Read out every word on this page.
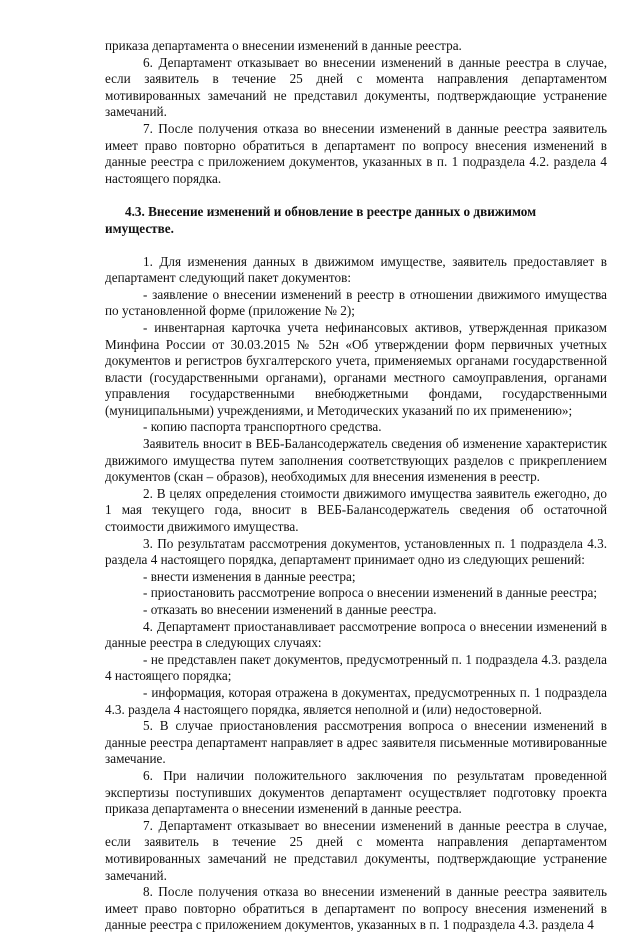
приказа департамента о внесении изменений в данные реестра.

6. Департамент отказывает во внесении изменений в данные реестра в случае, если заявитель в течение 25 дней с момента направления департаментом мотивированных замечаний не представил документы, подтверждающие устранение замечаний.

7. После получения отказа во внесении изменений в данные реестра заявитель имеет право повторно обратиться в департамент по вопросу внесения изменений в данные реестра с приложением документов, указанных в п. 1 подраздела 4.2. раздела 4 настоящего порядка.

4.3. Внесение изменений и обновление в реестре данных о движимом имуществе.

1. Для изменения данных в движимом имуществе, заявитель предоставляет в департамент следующий пакет документов:

- заявление о внесении изменений в реестр в отношении движимого имущества по установленной форме (приложение № 2);

- инвентарная карточка учета нефинансовых активов, утвержденная приказом Минфина России от 30.03.2015 № 52н «Об утверждении форм первичных учетных документов и регистров бухгалтерского учета, применяемых органами государственной власти (государственными органами), органами местного самоуправления, органами управления государственными внебюджетными фондами, государственными (муниципальными) учреждениями, и Методических указаний по их применению»;

- копию паспорта транспортного средства.

Заявитель вносит в ВЕБ-Балансодержатель сведения об изменение характеристик движимого имущества путем заполнения соответствующих разделов с прикреплением документов (скан – образов), необходимых для внесения изменения в реестр.

2. В целях определения стоимости движимого имущества заявитель ежегодно, до 1 мая текущего года, вносит в ВЕБ-Балансодержатель сведения об остаточной стоимости движимого имущества.

3. По результатам рассмотрения документов, установленных п. 1 подраздела 4.3. раздела 4 настоящего порядка, департамент принимает одно из следующих решений:

- внести изменения в данные реестра;

- приостановить рассмотрение вопроса о внесении изменений в данные реестра;

- отказать во внесении изменений в данные реестра.

4. Департамент приостанавливает рассмотрение вопроса о внесении изменений в данные реестра в следующих случаях:

- не представлен пакет документов, предусмотренный п. 1 подраздела 4.3. раздела 4 настоящего порядка;

- информация, которая отражена в документах, предусмотренных п. 1 подраздела 4.3. раздела 4 настоящего порядка, является неполной и (или) недостоверной.

5. В случае приостановления рассмотрения вопроса о внесении изменений в данные реестра департамент направляет в адрес заявителя письменные мотивированные замечание.

6. При наличии положительного заключения по результатам проведенной экспертизы поступивших документов департамент осуществляет подготовку проекта приказа департамента о внесении изменений в данные реестра.

7. Департамент отказывает во внесении изменений в данные реестра в случае, если заявитель в течение 25 дней с момента направления департаментом мотивированных замечаний не представил документы, подтверждающие устранение замечаний.

8. После получения отказа во внесении изменений в данные реестра заявитель имеет право повторно обратиться в департамент по вопросу внесения изменений в данные реестра с приложением документов, указанных в п. 1 подраздела 4.3. раздела 4
